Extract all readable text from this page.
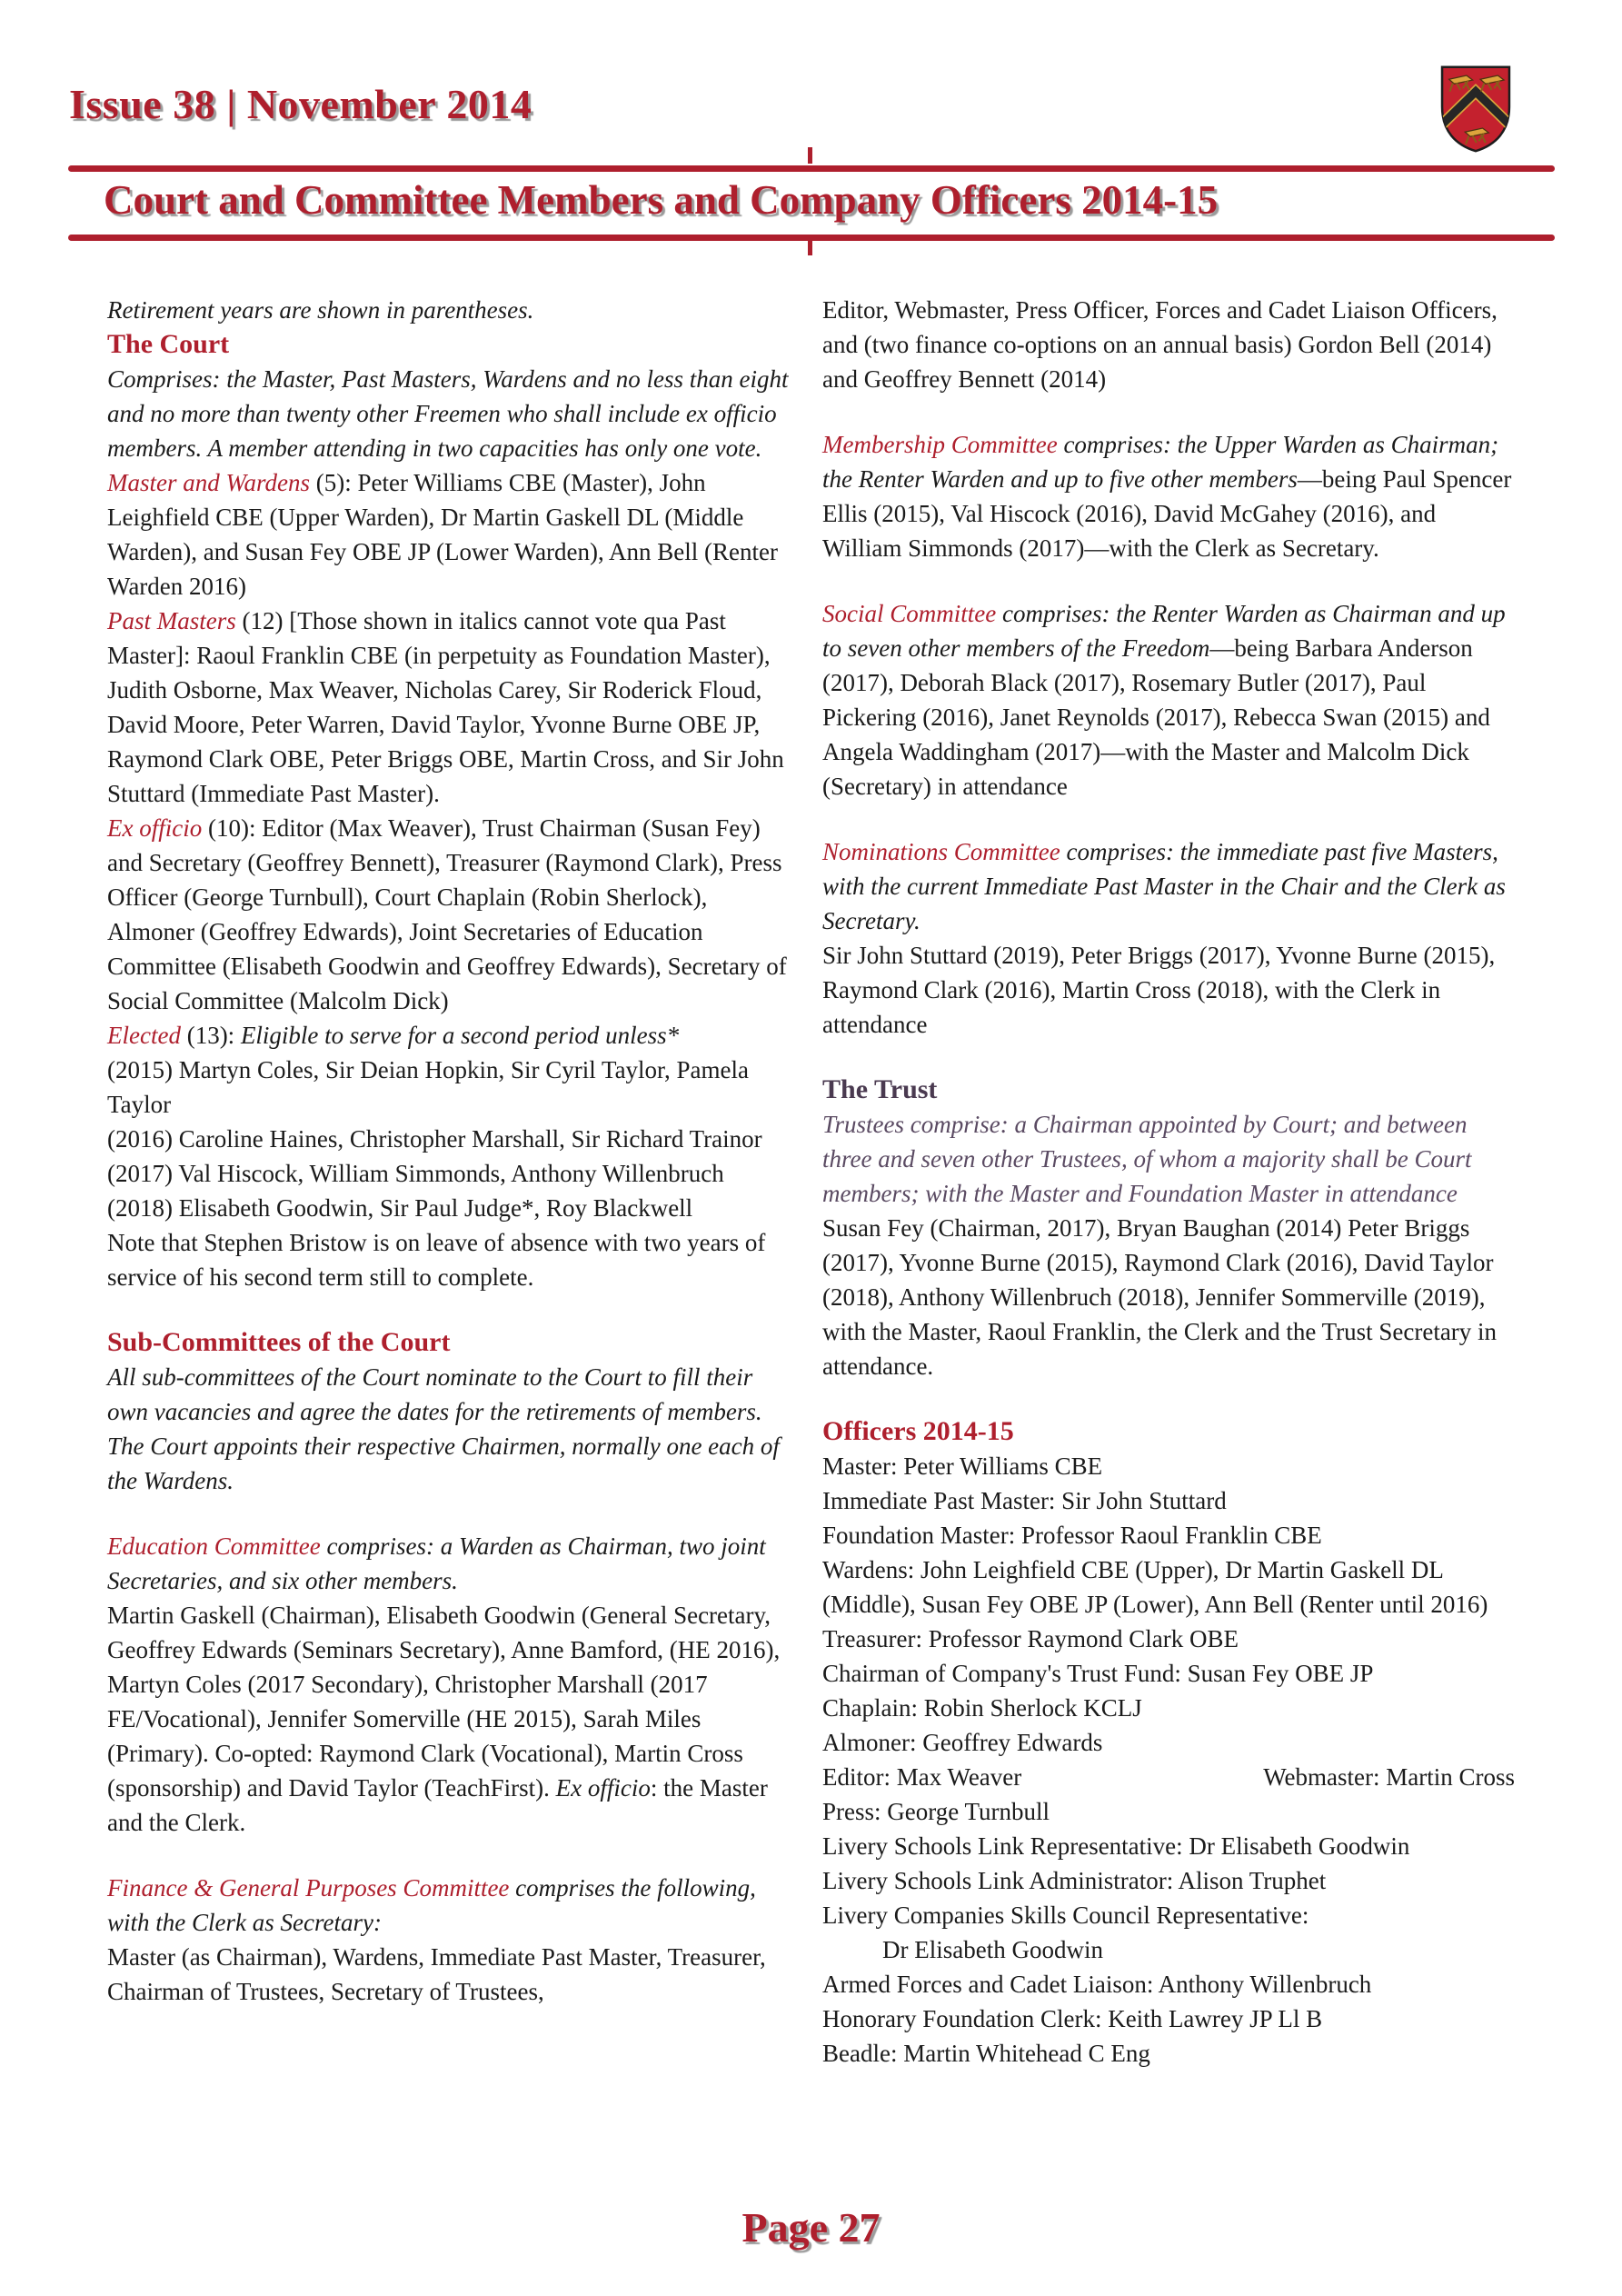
Issue 38 | November 2014
Court and Committee Members and Company Officers 2014-15

Retirement years are shown in parentheses.

The Court

Comprises: the Master, Past Masters, Wardens and no less than eight and no more than twenty other Freemen who shall include ex officio members. A member attending in two capacities has only one vote.

Master and Wardens (5): Peter Williams CBE (Master), John Leighfield CBE (Upper Warden), Dr Martin Gaskell DL (Middle Warden), and Susan Fey OBE JP (Lower Warden), Ann Bell (Renter Warden 2016)

Past Masters (12) [Those shown in italics cannot vote qua Past Master]: Raoul Franklin CBE (in perpetuity as Foundation Master), Judith Osborne, Max Weaver, Nicholas Carey, Sir Roderick Floud, David Moore, Peter Warren, David Taylor, Yvonne Burne OBE JP, Raymond Clark OBE, Peter Briggs OBE, Martin Cross, and Sir John Stuttard (Immediate Past Master).

Ex officio (10): Editor (Max Weaver), Trust Chairman (Susan Fey) and Secretary (Geoffrey Bennett), Treasurer (Raymond Clark), Press Officer (George Turnbull), Court Chaplain (Robin Sherlock), Almoner (Geoffrey Edwards), Joint Secretaries of Education Committee (Elisabeth Goodwin and Geoffrey Edwards), Secretary of Social Committee (Malcolm Dick)

Elected (13): Eligible to serve for a second period unless*

(2015) Martyn Coles, Sir Deian Hopkin, Sir Cyril Taylor, Pamela Taylor

(2016) Caroline Haines, Christopher Marshall, Sir Richard Trainor

(2017) Val Hiscock, William Simmonds, Anthony Willenbruch

(2018) Elisabeth Goodwin, Sir Paul Judge*, Roy Blackwell

Note that Stephen Bristow is on leave of absence with two years of service of his second term still to complete.

Sub-Committees of the Court

All sub-committees of the Court nominate to the Court to fill their own vacancies and agree the dates for the retirements of members. The Court appoints their respective Chairmen, normally one each of the Wardens.

Education Committee comprises: a Warden as Chairman, two joint Secretaries, and six other members.

Martin Gaskell (Chairman), Elisabeth Goodwin (General Secretary, Geoffrey Edwards (Seminars Secretary), Anne Bamford, (HE 2016), Martyn Coles (2017 Secondary), Christopher Marshall (2017 FE/Vocational), Jennifer Somerville (HE 2015), Sarah Miles (Primary). Co-opted: Raymond Clark (Vocational), Martin Cross (sponsorship) and David Taylor (TeachFirst). Ex officio: the Master and the Clerk.

Finance & General Purposes Committee comprises the following, with the Clerk as Secretary:

Master (as Chairman), Wardens, Immediate Past Master, Treasurer, Chairman of Trustees, Secretary of Trustees,

Editor, Webmaster, Press Officer, Forces and Cadet Liaison Officers, and (two finance co-options on an annual basis) Gordon Bell (2014) and Geoffrey Bennett (2014)

Membership Committee comprises: the Upper Warden as Chairman; the Renter Warden and up to five other members—being Paul Spencer Ellis (2015), Val Hiscock (2016), David McGahey (2016), and William Simmonds (2017)—with the Clerk as Secretary.

Social Committee comprises: the Renter Warden as Chairman and up to seven other members of the Freedom—being Barbara Anderson (2017), Deborah Black (2017), Rosemary Butler (2017), Paul Pickering (2016), Janet Reynolds (2017), Rebecca Swan (2015) and Angela Waddingham (2017)—with the Master and Malcolm Dick (Secretary) in attendance

Nominations Committee comprises: the immediate past five Masters, with the current Immediate Past Master in the Chair and the Clerk as Secretary.

Sir John Stuttard (2019), Peter Briggs (2017), Yvonne Burne (2015), Raymond Clark (2016), Martin Cross (2018), with the Clerk in attendance

The Trust

Trustees comprise: a Chairman appointed by Court; and between three and seven other Trustees, of whom a majority shall be Court members; with the Master and Foundation Master in attendance

Susan Fey (Chairman, 2017), Bryan Baughan (2014) Peter Briggs (2017), Yvonne Burne (2015), Raymond Clark (2016), David Taylor (2018), Anthony Willenbruch (2018), Jennifer Sommerville (2019), with the Master, Raoul Franklin, the Clerk and the Trust Secretary in attendance.

Officers 2014-15

Master: Peter Williams CBE

Immediate Past Master: Sir John Stuttard

Foundation Master: Professor Raoul Franklin CBE

Wardens: John Leighfield CBE (Upper), Dr Martin Gaskell DL (Middle), Susan Fey OBE JP (Lower), Ann Bell (Renter until 2016)

Treasurer: Professor Raymond Clark OBE

Chairman of Company's Trust Fund: Susan Fey OBE JP

Chaplain: Robin Sherlock KCLJ

Almoner: Geoffrey Edwards

Editor: Max Weaver	Webmaster: Martin Cross

Press: George Turnbull

Livery Schools Link Representative: Dr Elisabeth Goodwin

Livery Schools Link Administrator: Alison Truphet

Livery Companies Skills Council Representative:

Dr Elisabeth Goodwin

Armed Forces and Cadet Liaison: Anthony Willenbruch

Honorary Foundation Clerk: Keith Lawrey JP Ll B

Beadle: Martin Whitehead C Eng

Page 27
